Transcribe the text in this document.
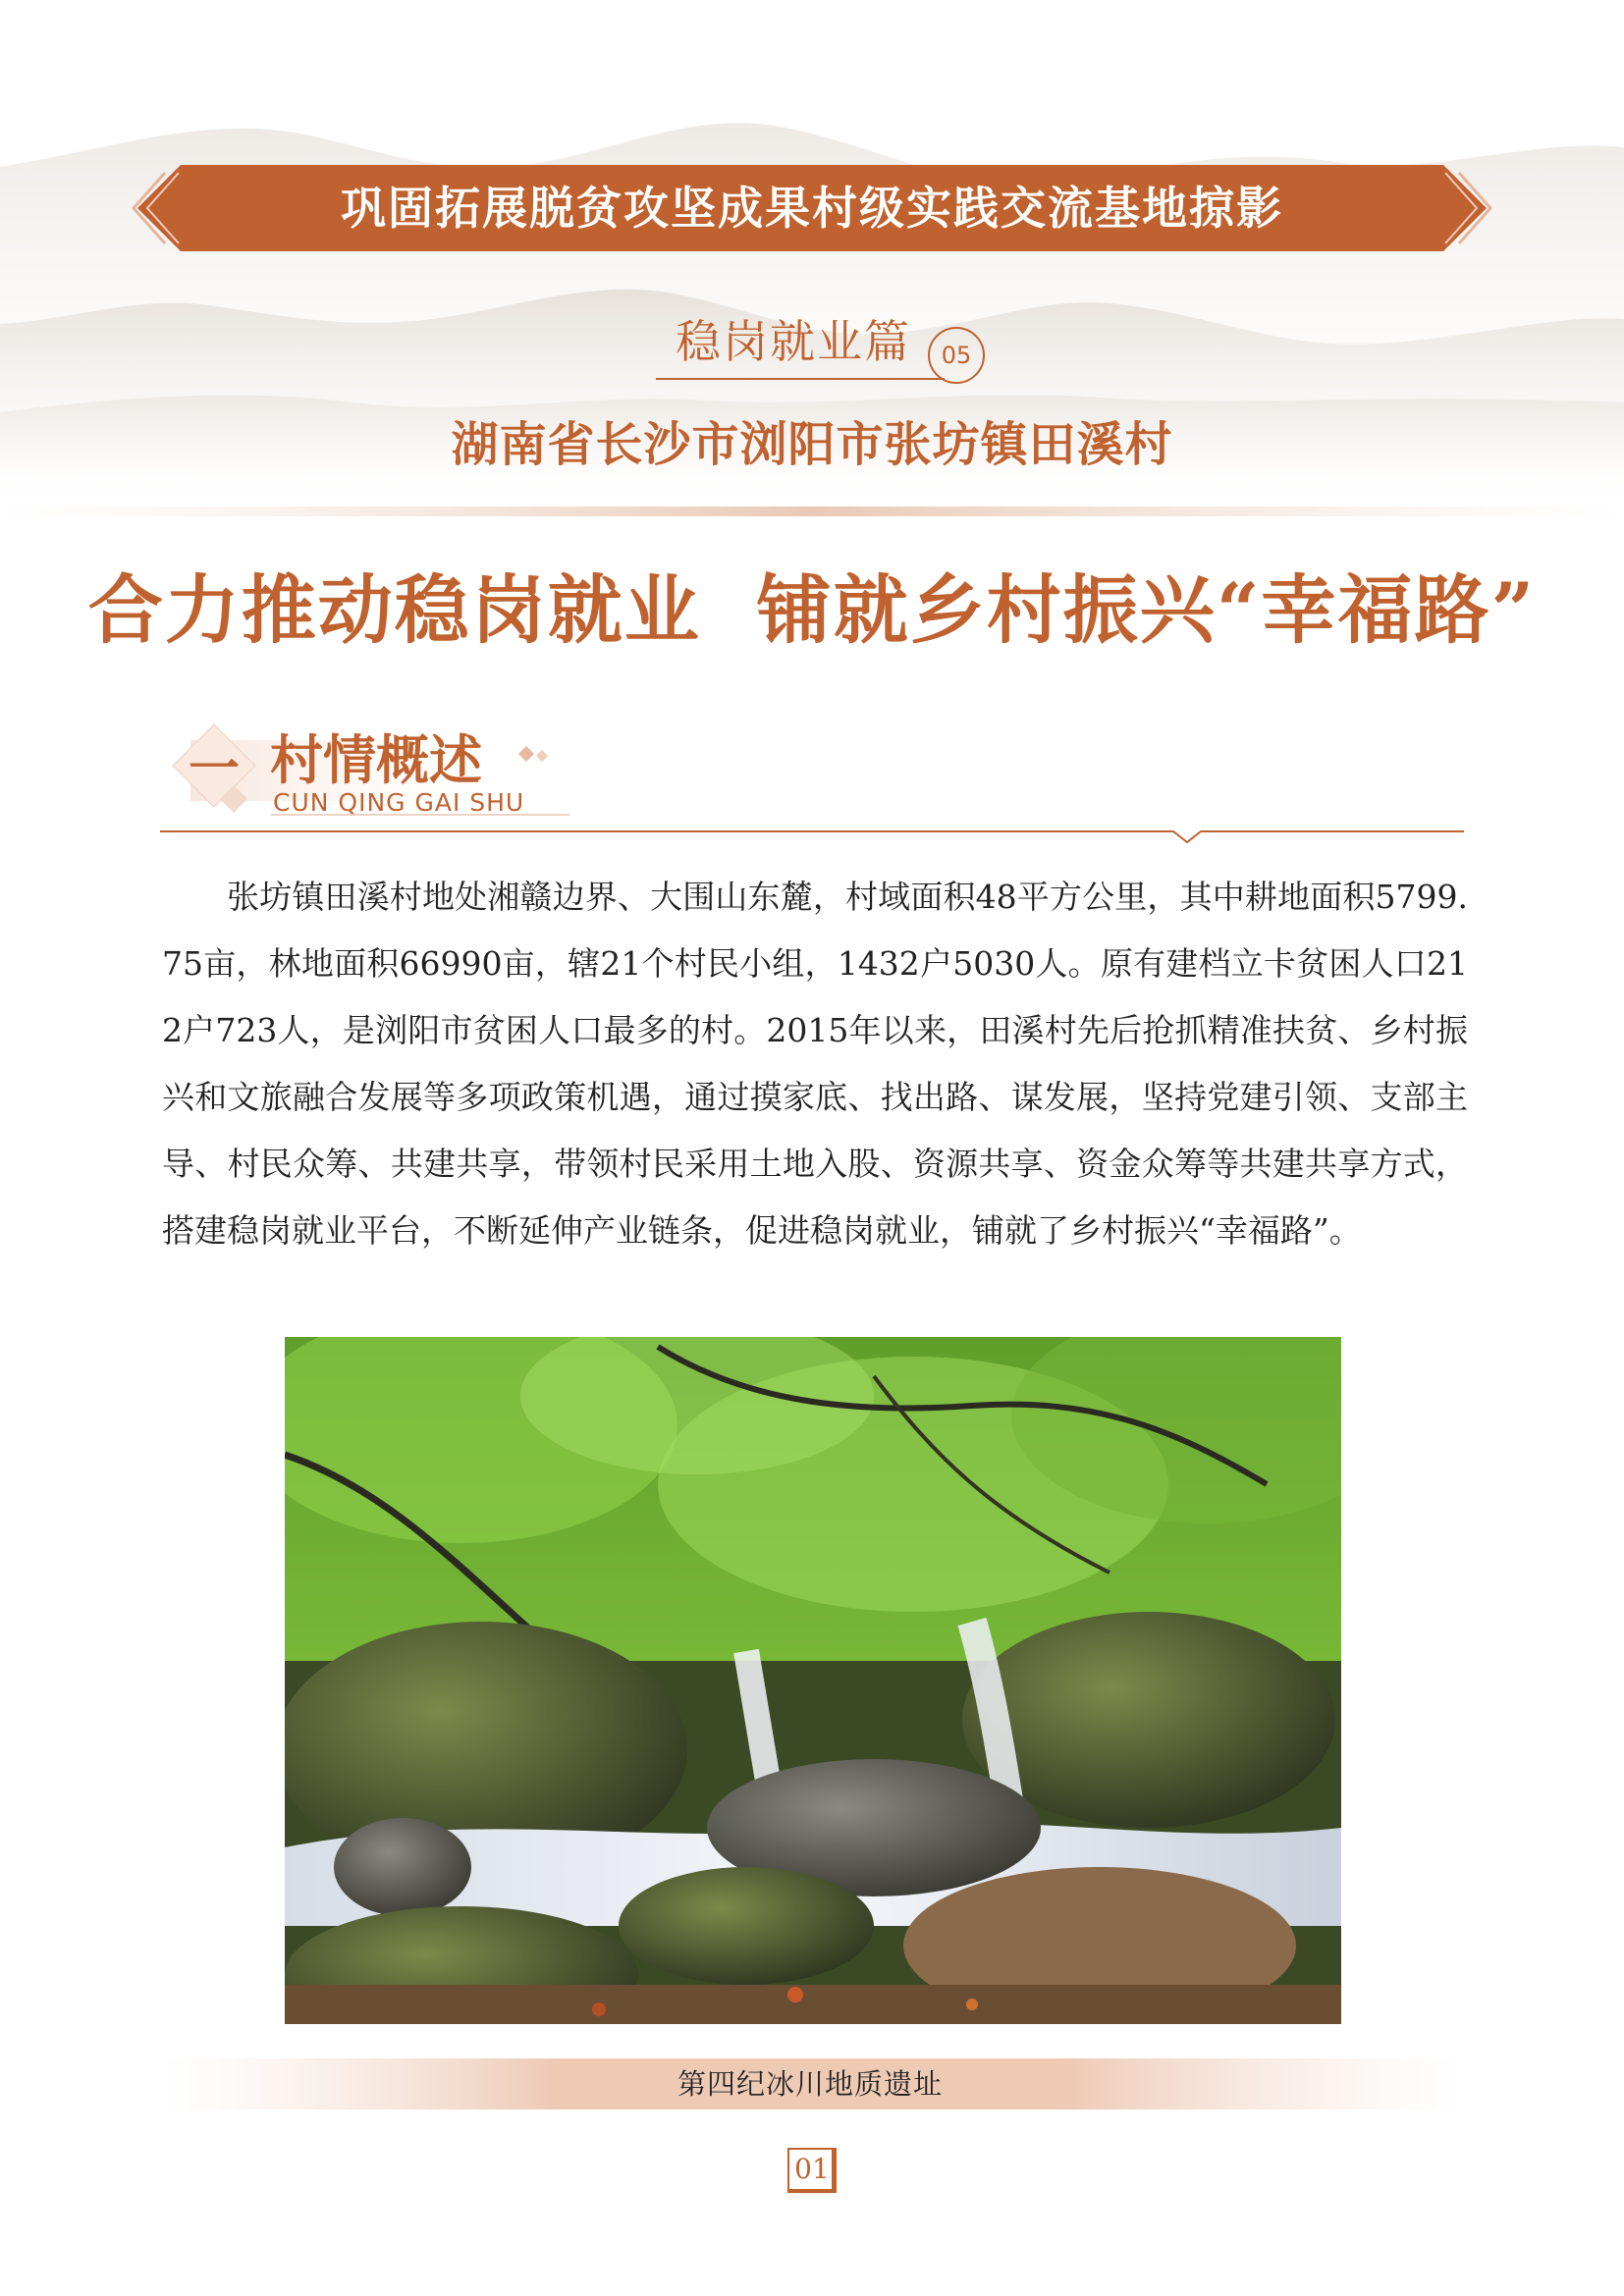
巩固拓展脱贫攻坚成果村级实践交流基地掠影
稳岗就业篇	05
湖南省长沙市浏阳市张坊镇田溪村
合力推动稳岗就业  铺就乡村振兴“幸福路”
一 村情概述
CUN QING GAI SHU

张坊镇田溪村地处湘赣边界、大围山东麓，村域面积48平方公里，其中耕地面积5799.75亩，林地面积66990亩，辖21个村民小组，1432户5030人。原有建档立卡贫困人口212户723人，是浏阳市贫困人口最多的村。2015年以来，田溪村先后抢抓精准扶贫、乡村振兴和文旅融合发展等多项政策机遇，通过摸家底、找出路、谋发展，坚持党建引领、支部主导、村民众筹、共建共享，带领村民采用土地入股、资源共享、资金众筹等共建共享方式，搭建稳岗就业平台，不断延伸产业链条，促进稳岗就业，铺就了乡村振兴“幸福路”。

第四纪冰川地质遗址
01
